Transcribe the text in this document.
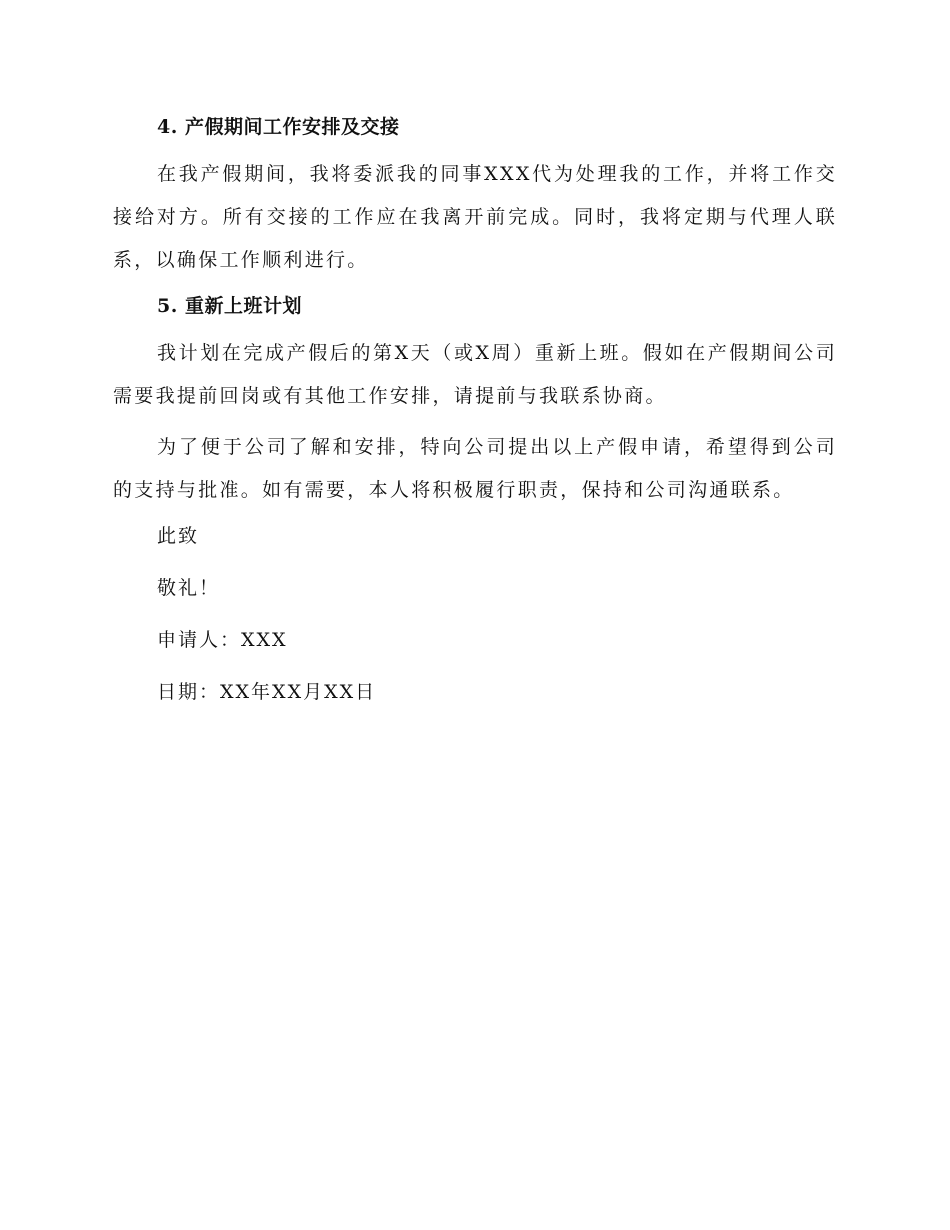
4. 产假期间工作安排及交接
在我产假期间，我将委派我的同事XXX代为处理我的工作，并将工作交接给对方。所有交接的工作应在我离开前完成。同时，我将定期与代理人联系，以确保工作顺利进行。
5. 重新上班计划
我计划在完成产假后的第X天（或X周）重新上班。假如在产假期间公司需要我提前回岗或有其他工作安排，请提前与我联系协商。
为了便于公司了解和安排，特向公司提出以上产假申请，希望得到公司的支持与批准。如有需要，本人将积极履行职责，保持和公司沟通联系。
此致
敬礼！
申请人：XXX
日期：XX年XX月XX日
